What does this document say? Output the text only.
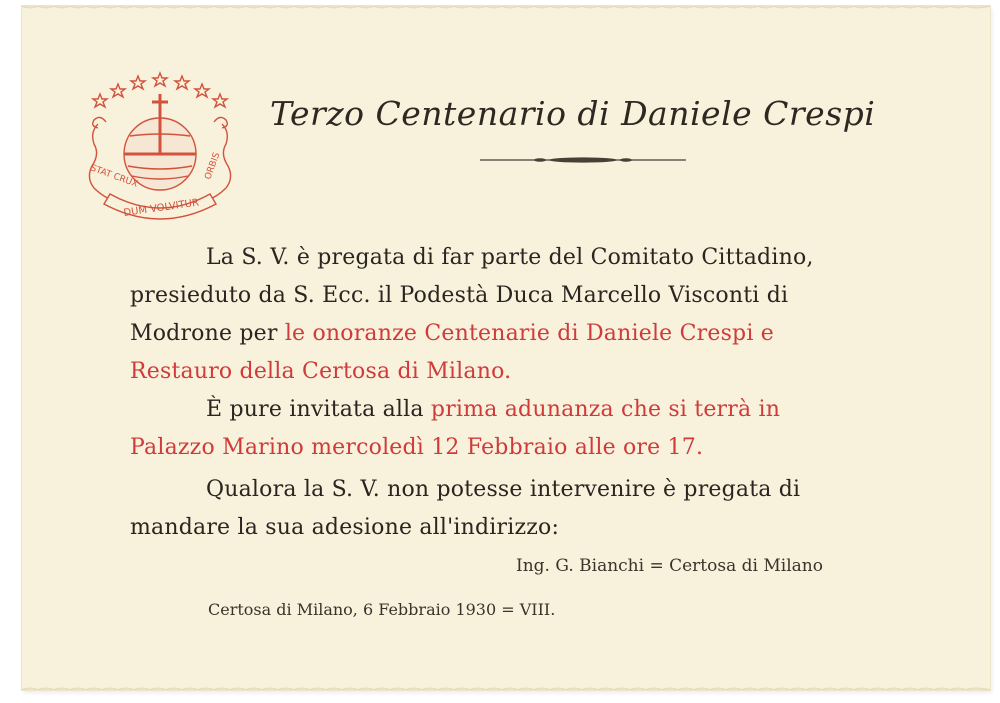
STAT CRUX	ORBIS
DUM VOLVITUR
Terzo Centenario di Daniele Crespi
La S. V. è pregata di far parte del Comitato Cittadino,
presieduto da S. Ecc. il Podestà Duca Marcello Visconti di
Modrone per le onoranze Centenarie di Daniele Crespi e
Restauro della Certosa di Milano.
È pure invitata alla prima adunanza che si terrà in
Palazzo Marino mercoledì 12 Febbraio alle ore 17.
Qualora la S. V. non potesse intervenire è pregata di
mandare la sua adesione all'indirizzo:
Ing. G. Bianchi = Certosa di Milano
Certosa di Milano, 6 Febbraio 1930 = VIII.
